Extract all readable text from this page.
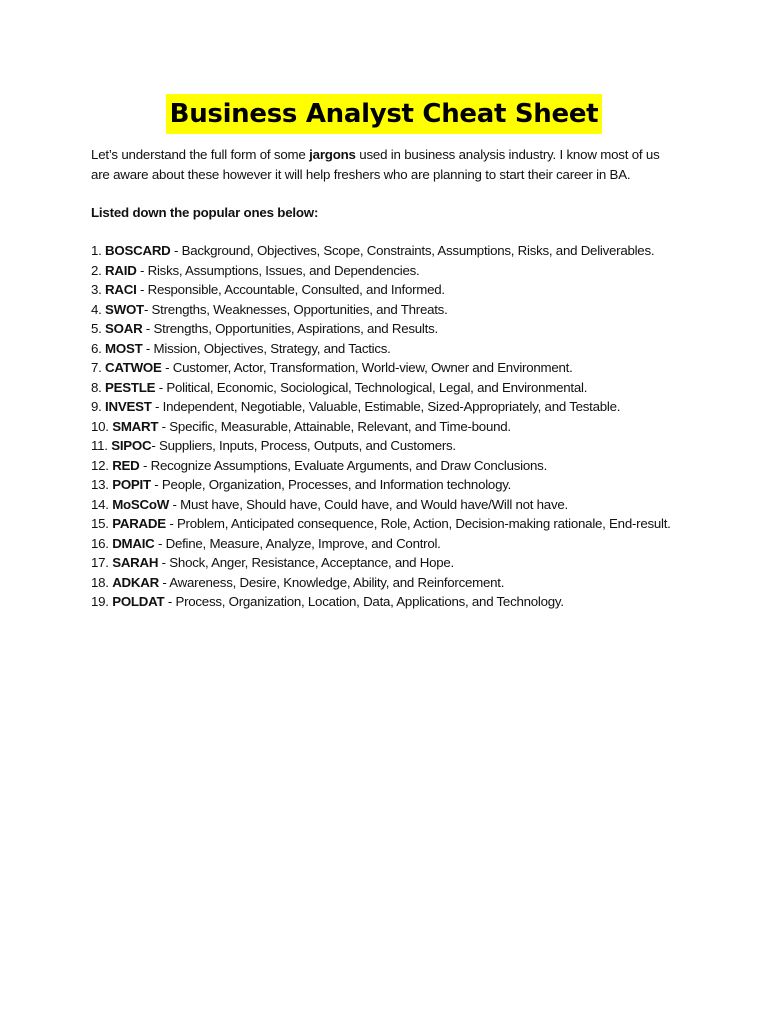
Business Analyst Cheat Sheet
Let’s understand the full form of some jargons used in business analysis industry. I know most of us are aware about these however it will help freshers who are planning to start their career in BA.
Listed down the popular ones below:
1. BOSCARD - Background, Objectives, Scope, Constraints, Assumptions, Risks, and Deliverables.
2. RAID - Risks, Assumptions, Issues, and Dependencies.
3. RACI - Responsible, Accountable, Consulted, and Informed.
4. SWOT- Strengths, Weaknesses, Opportunities, and Threats.
5. SOAR - Strengths, Opportunities, Aspirations, and Results.
6. MOST - Mission, Objectives, Strategy, and Tactics.
7. CATWOE - Customer, Actor, Transformation, World-view, Owner and Environment.
8. PESTLE - Political, Economic, Sociological, Technological, Legal, and Environmental.
9. INVEST - Independent, Negotiable, Valuable, Estimable, Sized-Appropriately, and Testable.
10. SMART - Specific, Measurable, Attainable, Relevant, and Time-bound.
11. SIPOC- Suppliers, Inputs, Process, Outputs, and Customers.
12. RED - Recognize Assumptions, Evaluate Arguments, and Draw Conclusions.
13. POPIT - People, Organization, Processes, and Information technology.
14. MoSCoW - Must have, Should have, Could have, and Would have/Will not have.
15. PARADE - Problem, Anticipated consequence, Role, Action, Decision-making rationale, End-result.
16. DMAIC - Define, Measure, Analyze, Improve, and Control.
17. SARAH - Shock, Anger, Resistance, Acceptance, and Hope.
18. ADKAR - Awareness, Desire, Knowledge, Ability, and Reinforcement.
19. POLDAT - Process, Organization, Location, Data, Applications, and Technology.
